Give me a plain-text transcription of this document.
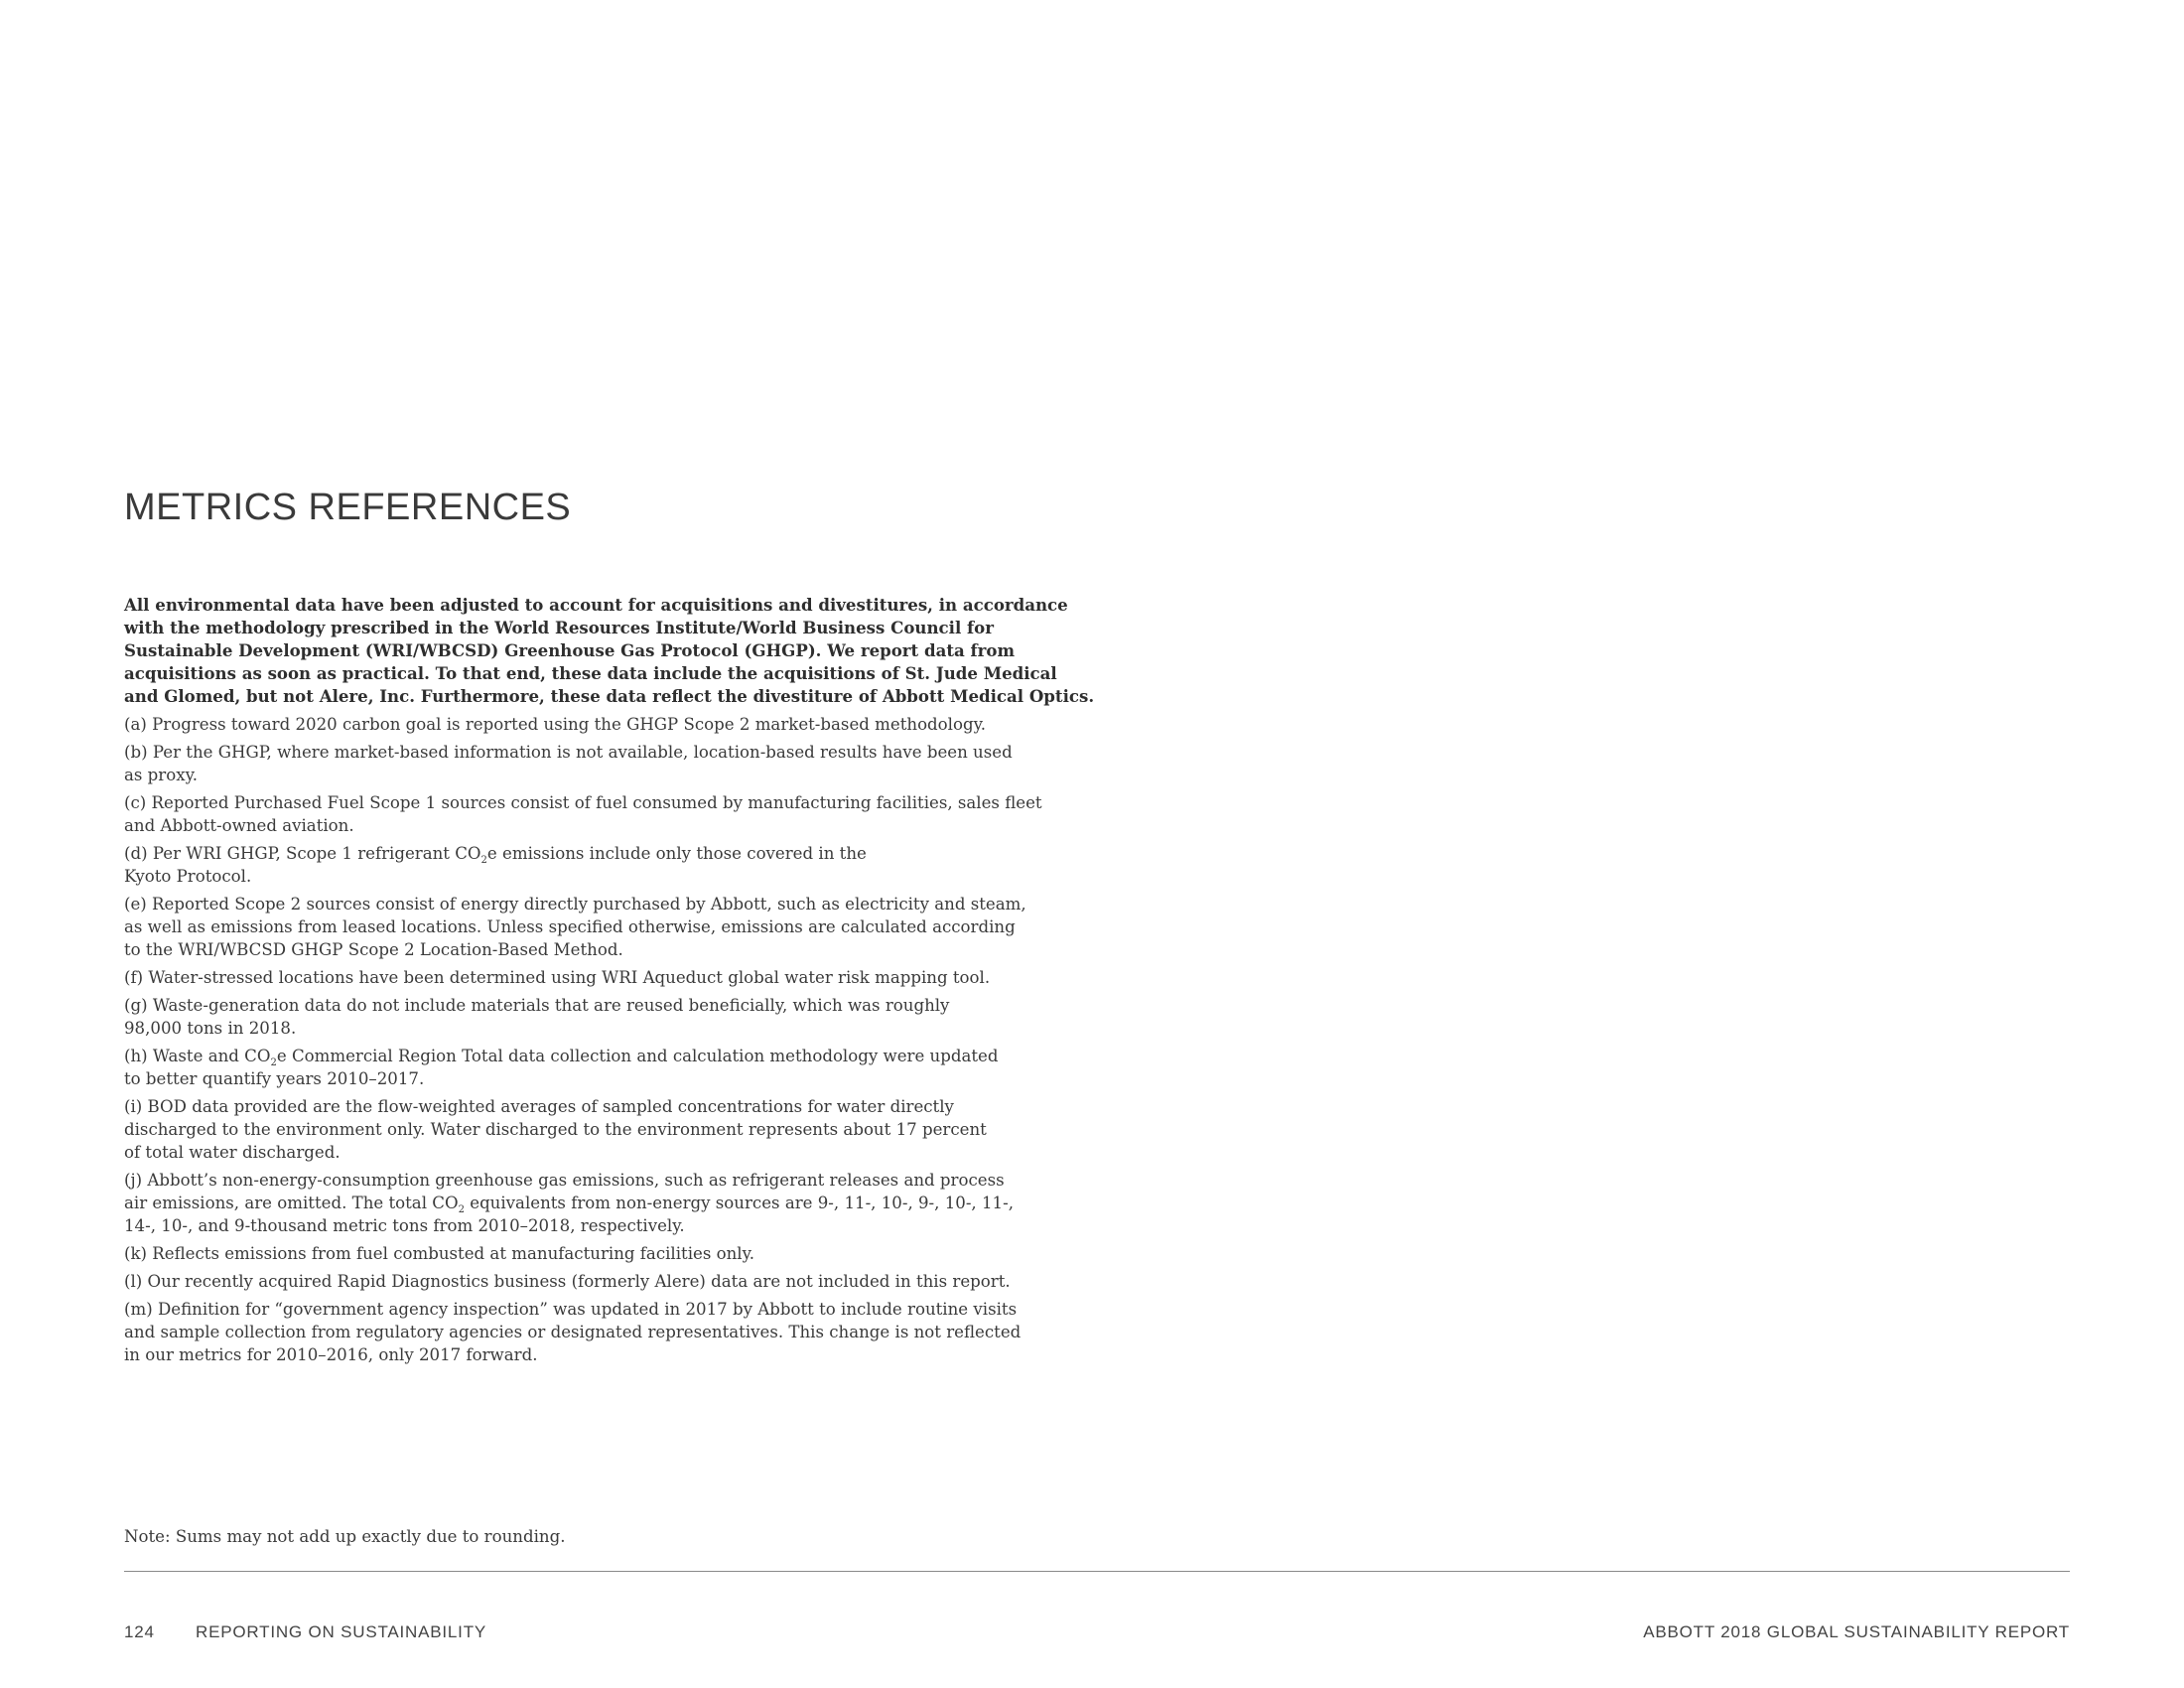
METRICS REFERENCES

All environmental data have been adjusted to account for acquisitions and divestitures, in accordance
with the methodology prescribed in the World Resources Institute/World Business Council for
Sustainable Development (WRI/WBCSD) Greenhouse Gas Protocol (GHGP). We report data from
acquisitions as soon as practical. To that end, these data include the acquisitions of St. Jude Medical
and Glomed, but not Alere, Inc. Furthermore, these data reflect the divestiture of Abbott Medical Optics.

(a) Progress toward 2020 carbon goal is reported using the GHGP Scope 2 market-based methodology.

(b) Per the GHGP, where market-based information is not available, location-based results have been used
as proxy.

(c) Reported Purchased Fuel Scope 1 sources consist of fuel consumed by manufacturing facilities, sales fleet
and Abbott-owned aviation.

(d) Per WRI GHGP, Scope 1 refrigerant $CO_2e$ emissions include only those covered in the
Kyoto Protocol.

(e) Reported Scope 2 sources consist of energy directly purchased by Abbott, such as electricity and steam,
as well as emissions from leased locations. Unless specified otherwise, emissions are calculated according
to the WRI/WBCSD GHGP Scope 2 Location-Based Method.

(f) Water-stressed locations have been determined using WRI Aqueduct global water risk mapping tool.

(g) Waste-generation data do not include materials that are reused beneficially, which was roughly
98,000 tons in 2018.

(h) Waste and $CO_2e$ Commercial Region Total data collection and calculation methodology were updated
to better quantify years 2010–2017.

(i) BOD data provided are the flow-weighted averages of sampled concentrations for water directly
discharged to the environment only. Water discharged to the environment represents about 17 percent
of total water discharged.

(j) Abbott’s non-energy-consumption greenhouse gas emissions, such as refrigerant releases and process
air emissions, are omitted. The total $CO_2$ equivalents from non-energy sources are 9-, 11-, 10-, 9-, 10-, 11-,
14-, 10-, and 9-thousand metric tons from 2010–2018, respectively.

(k) Reflects emissions from fuel combusted at manufacturing facilities only.

(l) Our recently acquired Rapid Diagnostics business (formerly Alere) data are not included in this report.

(m) Definition for “government agency inspection” was updated in 2017 by Abbott to include routine visits
and sample collection from regulatory agencies or designated representatives. This change is not reflected
in our metrics for 2010–2016, only 2017 forward.

Note: Sums may not add up exactly due to rounding.
124 REPORTING ON SUSTAINABILITY	ABBOTT 2018 GLOBAL SUSTAINABILITY REPORT
